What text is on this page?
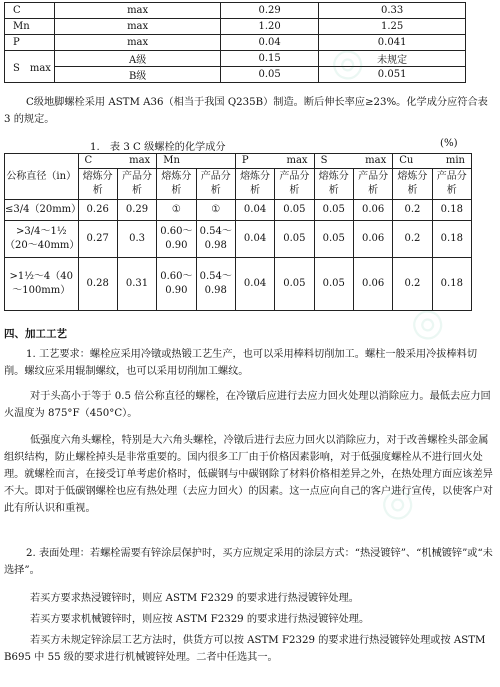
C	max	0.29	0.33
Mn	max	1.20	1.25
P	max	0.04	0.041
S　 max	A级	0.15	未规定
	B级	0.05	0.051
C级地脚螺栓采用 ASTM A36（相当于我国 Q235B）制造。断后伸长率应≥23%。化学成分应符合表 3 的规定。
1.　表 3 C 级螺栓的化学成分	(%)
公称直径（in）	C max		Mn		P max		S max		Cu min	

	熔炼分析	产品分析	熔炼分析	产品分析	熔炼分析	产品分析	熔炼分析	产品分析	熔炼分析	产品分析
≤3/4（20mm）	0.26	0.29	①	①	0.04	0.05	0.05	0.06	0.2	0.18
>3/4～1½（20～40mm）	0.27	0.3	0.60～0.90	0.54～0.98	0.04	0.05	0.05	0.06	0.2	0.18
>1½～4（40～100mm）	0.28	0.31	0.60～0.90	0.54～0.98	0.04	0.05	0.05	0.06	0.2	0.18
四、加工工艺
1. 工艺要求：螺栓应采用冷镦或热锻工艺生产，也可以采用棒料切削加工。螺柱一般采用冷拔棒料切削。螺纹应采用辊制螺纹，也可以采用切削加工螺纹。
对于头高小于等于 0.5 倍公称直径的螺栓，在冷镦后应进行去应力回火处理以消除应力。最低去应力回火温度为 875°F（450°C）。
低强度六角头螺栓，特别是大六角头螺栓，冷镦后进行去应力回火以消除应力，对于改善螺栓头部金属组织结构，防止螺栓掉头是非常重要的。国内很多工厂由于价格因素影响，对于低强度螺栓从不进行回火处理。就螺栓而言，在接受订单考虑价格时，低碳钢与中碳钢除了材料价格相差异之外，在热处理方面应该差异不大。即对于低碳钢螺栓也应有热处理（去应力回火）的因素。这一点应向自己的客户进行宣传，以使客户对此有所认识和重视。
2. 表面处理：若螺栓需要有锌涂层保护时，买方应规定采用的涂层方式：“热浸镀锌”、“机械镀锌”或“未选择”。
若买方要求热浸镀锌时，则应 ASTM F2329 的要求进行热浸镀锌处理。
若买方要求机械镀锌时，则应按 ASTM F2329 的要求进行热浸镀锌处理。
若买方未规定锌涂层工艺方法时，供货方可以按 ASTM F2329 的要求进行热浸镀锌处理或按 ASTM B695 中 55 级的要求进行机械镀锌处理。二者中任选其一。
◎
◎
◎
